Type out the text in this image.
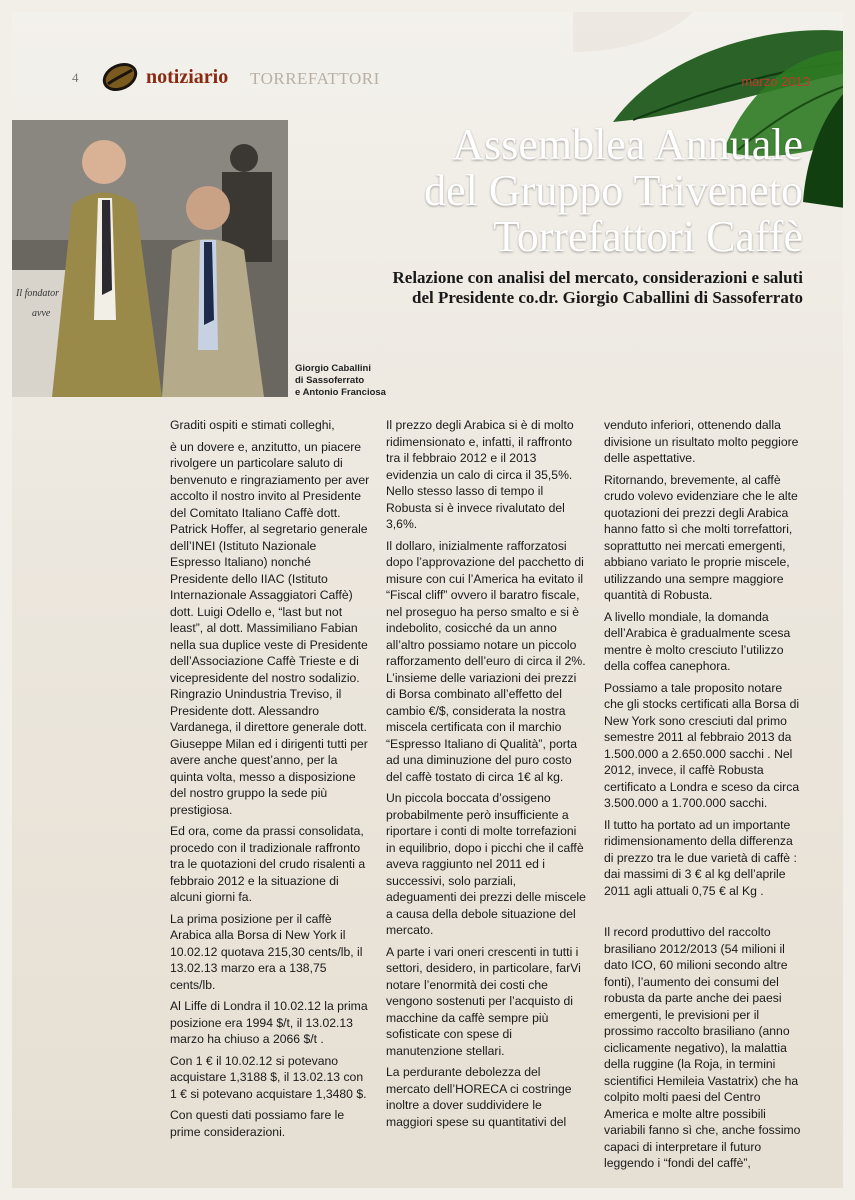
4	notiziario TORREFATTORI	marzo 2013
Il fondator
avve
Giorgio Caballini
di Sassoferrato
e Antonio Franciosa
Assemblea Annuale
del Gruppo Triveneto
Torrefattori Caffè
Relazione con analisi del mercato, considerazioni e saluti
del Presidente co.dr. Giorgio Caballini di Sassoferrato

Graditi ospiti e stimati colleghi,

è un dovere e, anzitutto, un piacere rivolgere un particolare saluto di benvenuto e ringraziamento per aver accolto il nostro invito al Presidente del Comitato Italiano Caffè dott. Patrick Hoffer, al segretario generale dell’INEI (Istituto Nazionale Espresso Italiano) nonché Presidente dello IIAC (Istituto Internazionale Assaggiatori Caffè) dott. Luigi Odello e, “last but not least”, al dott. Massimiliano Fabian nella sua duplice veste di Presidente dell’Associazione Caffè Trieste e di vicepresidente del nostro sodalizio. Ringrazio Unindustria Treviso, il Presidente dott. Alessandro Vardanega, il direttore generale dott. Giuseppe Milan ed i dirigenti tutti per avere anche quest’anno, per la quinta volta, messo a disposizione del nostro gruppo la sede più prestigiosa.

Ed ora, come da prassi consolidata, procedo con il tradizionale raffronto tra le quotazioni del crudo risalenti a febbraio 2012 e la situazione di alcuni giorni fa.

La prima posizione per il caffè Arabica alla Borsa di New York il 10.02.12 quotava 215,30 cents/lb, il 13.02.13 marzo era a 138,75 cents/lb.

Al Liffe di Londra il 10.02.12 la prima posizione era 1994 $/t, il 13.02.13 marzo ha chiuso a 2066 $/t .

Con 1 € il 10.02.12 si potevano acquistare 1,3188 $, il 13.02.13 con 1 € si potevano acquistare 1,3480 $.

Con questi dati possiamo fare le prime considerazioni.

Il prezzo degli Arabica si è di molto ridimensionato e, infatti, il raffronto tra il febbraio 2012 e il 2013 evidenzia un calo di circa il 35,5%. Nello stesso lasso di tempo il Robusta si è invece rivalutato del 3,6%.

Il dollaro, inizialmente rafforzatosi dopo l’approvazione del pacchetto di misure con cui l’America ha evitato il “Fiscal cliff” ovvero il baratro fiscale, nel proseguo ha perso smalto e si è indebolito, cosicché da un anno all’altro possiamo notare un piccolo rafforzamento dell’euro di circa il 2%. L’insieme delle variazioni dei prezzi di Borsa combinato all’effetto del cambio €/$, considerata la nostra miscela certificata con il marchio “Espresso Italiano di Qualità”, porta ad una diminuzione del puro costo del caffè tostato di circa 1€ al kg.

Un piccola boccata d’ossigeno probabilmente però insufficiente a riportare i conti di molte torrefazioni in equilibrio, dopo i picchi che il caffè aveva raggiunto nel 2011 ed i successivi, solo parziali, adeguamenti dei prezzi delle miscele a causa della debole situazione del mercato.

A parte i vari oneri crescenti in tutti i settori, desidero, in particolare, farVi notare l’enormità dei costi che vengono sostenuti per l’acquisto di macchine da caffè sempre più sofisticate con spese di manutenzione stellari.

La perdurante debolezza del mercato dell’HORECA ci costringe inoltre a dover suddividere le maggiori spese su quantitativi del

venduto inferiori, ottenendo dalla divisione un risultato molto peggiore delle aspettative.

Ritornando, brevemente, al caffè crudo volevo evidenziare che le alte quotazioni dei prezzi degli Arabica hanno fatto sì che molti torrefattori, soprattutto nei mercati emergenti, abbiano variato le proprie miscele, utilizzando una sempre maggiore quantità di Robusta.

A livello mondiale, la domanda dell’Arabica è gradualmente scesa mentre è molto cresciuto l’utilizzo della coffea canephora.

Possiamo a tale proposito notare che gli stocks certificati alla Borsa di New York sono cresciuti dal primo semestre 2011 al febbraio 2013 da 1.500.000 a 2.650.000 sacchi . Nel 2012, invece, il caffè Robusta certificato a Londra e sceso da circa 3.500.000 a 1.700.000 sacchi.

Il tutto ha portato ad un importante ridimensionamento della differenza di prezzo tra le due varietà di caffè : dai massimi di 3 € al kg dell’aprile 2011 agli attuali 0,75 € al Kg .

Il record produttivo del raccolto brasiliano 2012/2013 (54 milioni il dato ICO, 60 milioni secondo altre fonti), l’aumento dei consumi del robusta da parte anche dei paesi emergenti, le previsioni per il prossimo raccolto brasiliano (anno ciclicamente negativo), la malattia della ruggine (la Roja, in termini scientifici Hemileia Vastatrix) che ha colpito molti paesi del Centro America e molte altre possibili variabili fanno sì che, anche fossimo capaci di interpretare il futuro leggendo i “fondi del caffè”,
